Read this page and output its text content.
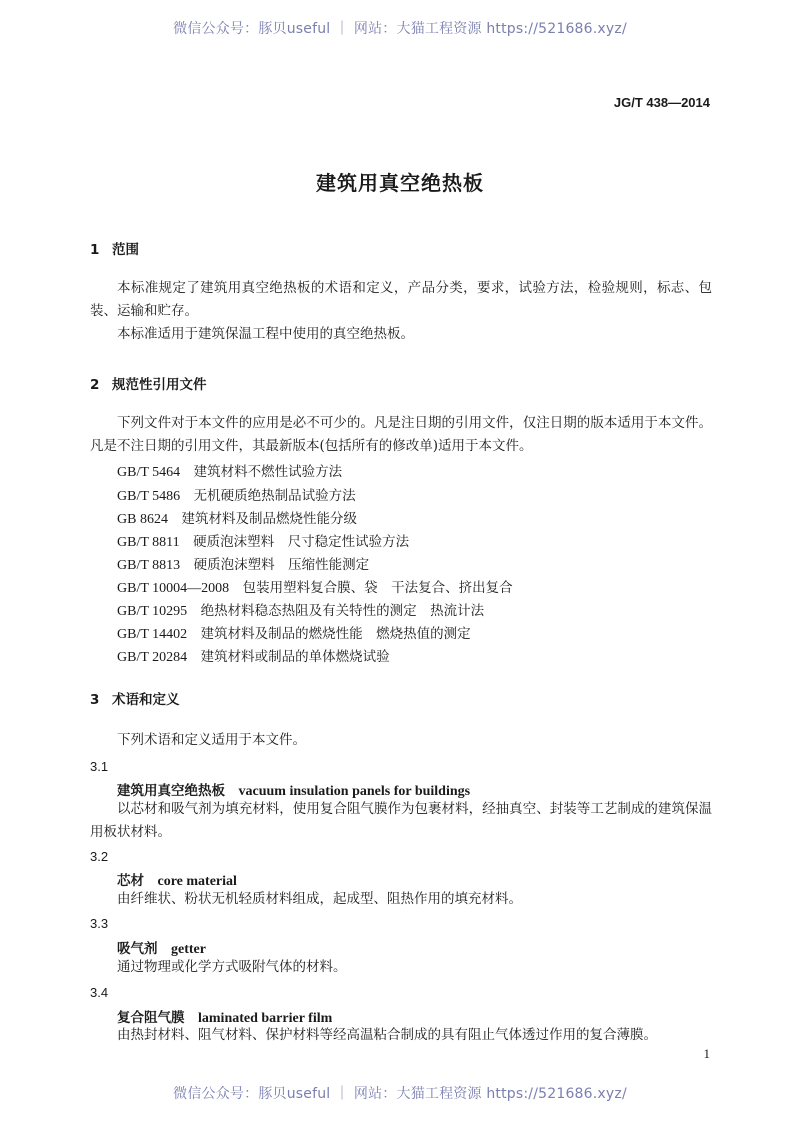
微信公众号：豚贝useful ｜ 网站：大猫工程资源 https://521686.xyz/
JG/T 438—2014
建筑用真空绝热板
1 范围
本标准规定了建筑用真空绝热板的术语和定义，产品分类，要求，试验方法，检验规则，标志、包装、运输和贮存。
本标准适用于建筑保温工程中使用的真空绝热板。
2 规范性引用文件
下列文件对于本文件的应用是必不可少的。凡是注日期的引用文件，仅注日期的版本适用于本文件。凡是不注日期的引用文件，其最新版本(包括所有的修改单)适用于本文件。
GB/T 5464　 建筑材料不燃性试验方法
GB/T 5486　 无机硬质绝热制品试验方法
GB 8624　 建筑材料及制品燃烧性能分级
GB/T 8811　 硬质泡沫塑料　尺寸稳定性试验方法
GB/T 8813　 硬质泡沫塑料　压缩性能测定
GB/T 10004—2008　 包装用塑料复合膜、袋　干法复合、挤出复合
GB/T 10295　 绝热材料稳态热阻及有关特性的测定　热流计法
GB/T 14402　 建筑材料及制品的燃烧性能　燃烧热值的测定
GB/T 20284　 建筑材料或制品的单体燃烧试验
3 术语和定义
下列术语和定义适用于本文件。
3.1
建筑用真空绝热板　 vacuum insulation panels for buildings
以芯材和吸气剂为填充材料，使用复合阻气膜作为包裹材料，经抽真空、封装等工艺制成的建筑保温用板状材料。
3.2
芯材　 core material
由纤维状、粉状无机轻质材料组成，起成型、阻热作用的填充材料。
3.3
吸气剂　 getter
通过物理或化学方式吸附气体的材料。
3.4
复合阻气膜　 laminated barrier film
由热封材料、阻气材料、保护材料等经高温粘合制成的具有阻止气体透过作用的复合薄膜。
1
微信公众号：豚贝useful ｜ 网站：大猫工程资源 https://521686.xyz/
